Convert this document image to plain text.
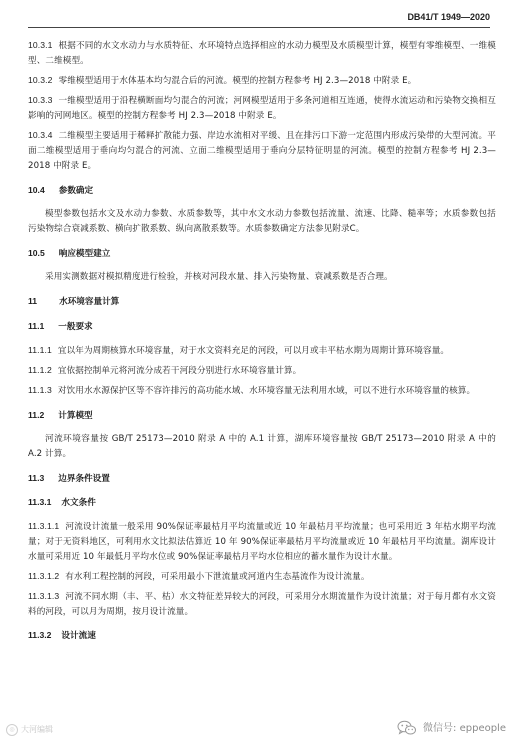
DB41/T 1949—2020
10.3.1 根据不同的水文水动力与水质特征、水环境特点选择相应的水动力模型及水质模型计算，模型有零维模型、一维模型、二维模型。
10.3.2 零维模型适用于水体基本均匀混合后的河流。模型的控制方程参考 HJ 2.3—2018 中附录 E。
10.3.3 一维模型适用于沿程横断面均匀混合的河流；河网模型适用于多条河道相互连通，使得水流运动和污染物交换相互影响的河网地区。模型的控制方程参考 HJ 2.3—2018 中附录 E。
10.3.4 二维模型主要适用于稀释扩散能力强、岸边水流相对平缓、且在排污口下游一定范围内形成污染带的大型河流。平面二维模型适用于垂向均匀混合的河流、立面二维模型适用于垂向分层特征明显的河流。模型的控制方程参考 HJ 2.3—2018 中附录 E。
10.4 参数确定
模型参数包括水文及水动力参数、水质参数等，其中水文水动力参数包括流量、流速、比降、糙率等；水质参数包括污染物综合衰减系数、横向扩散系数、纵向离散系数等。水质参数确定方法参见附录C。
10.5 响应模型建立
采用实测数据对模拟精度进行检验，并核对河段水量、排入污染物量、衰减系数是否合理。
11	水环境容量计算
11.1 一般要求
11.1.1 宜以年为周期核算水环境容量，对于水文资料充足的河段，可以月或丰平枯水期为周期计算环境容量。
11.1.2 宜依据控制单元将河流分成若干河段分别进行水环境容量计算。
11.1.3 对饮用水水源保护区等不容许排污的高功能水域、水环境容量无法利用水域，可以不进行水环境容量的核算。
11.2 计算模型
河流环境容量按 GB/T 25173—2010 附录 A 中的 A.1 计算，湖库环境容量按 GB/T 25173—2010 附录 A 中的 A.2 计算。
11.3 边界条件设置
11.3.1 水文条件
11.3.1.1 河流设计流量一般采用 90%保证率最枯月平均流量或近 10 年最枯月平均流量；也可采用近 3 年枯水期平均流量；对于无资料地区，可利用水文比拟法估算近 10 年 90%保证率最枯月平均流量或近 10 年最枯月平均流量。湖库设计水量可采用近 10 年最低月平均水位或 90%保证率最枯月平均水位相应的蓄水量作为设计水量。
11.3.1.2 有水利工程控制的河段，可采用最小下泄流量或河道内生态基流作为设计流量。
11.3.1.3 河流不同水期（丰、平、枯）水文特征差异较大的河段，可采用分水期流量作为设计流量；对于每月都有水文资料的河段，可以月为周期，按月设计流量。
11.3.2 设计流速
◎ 大河编辑	微信号: eppeople
